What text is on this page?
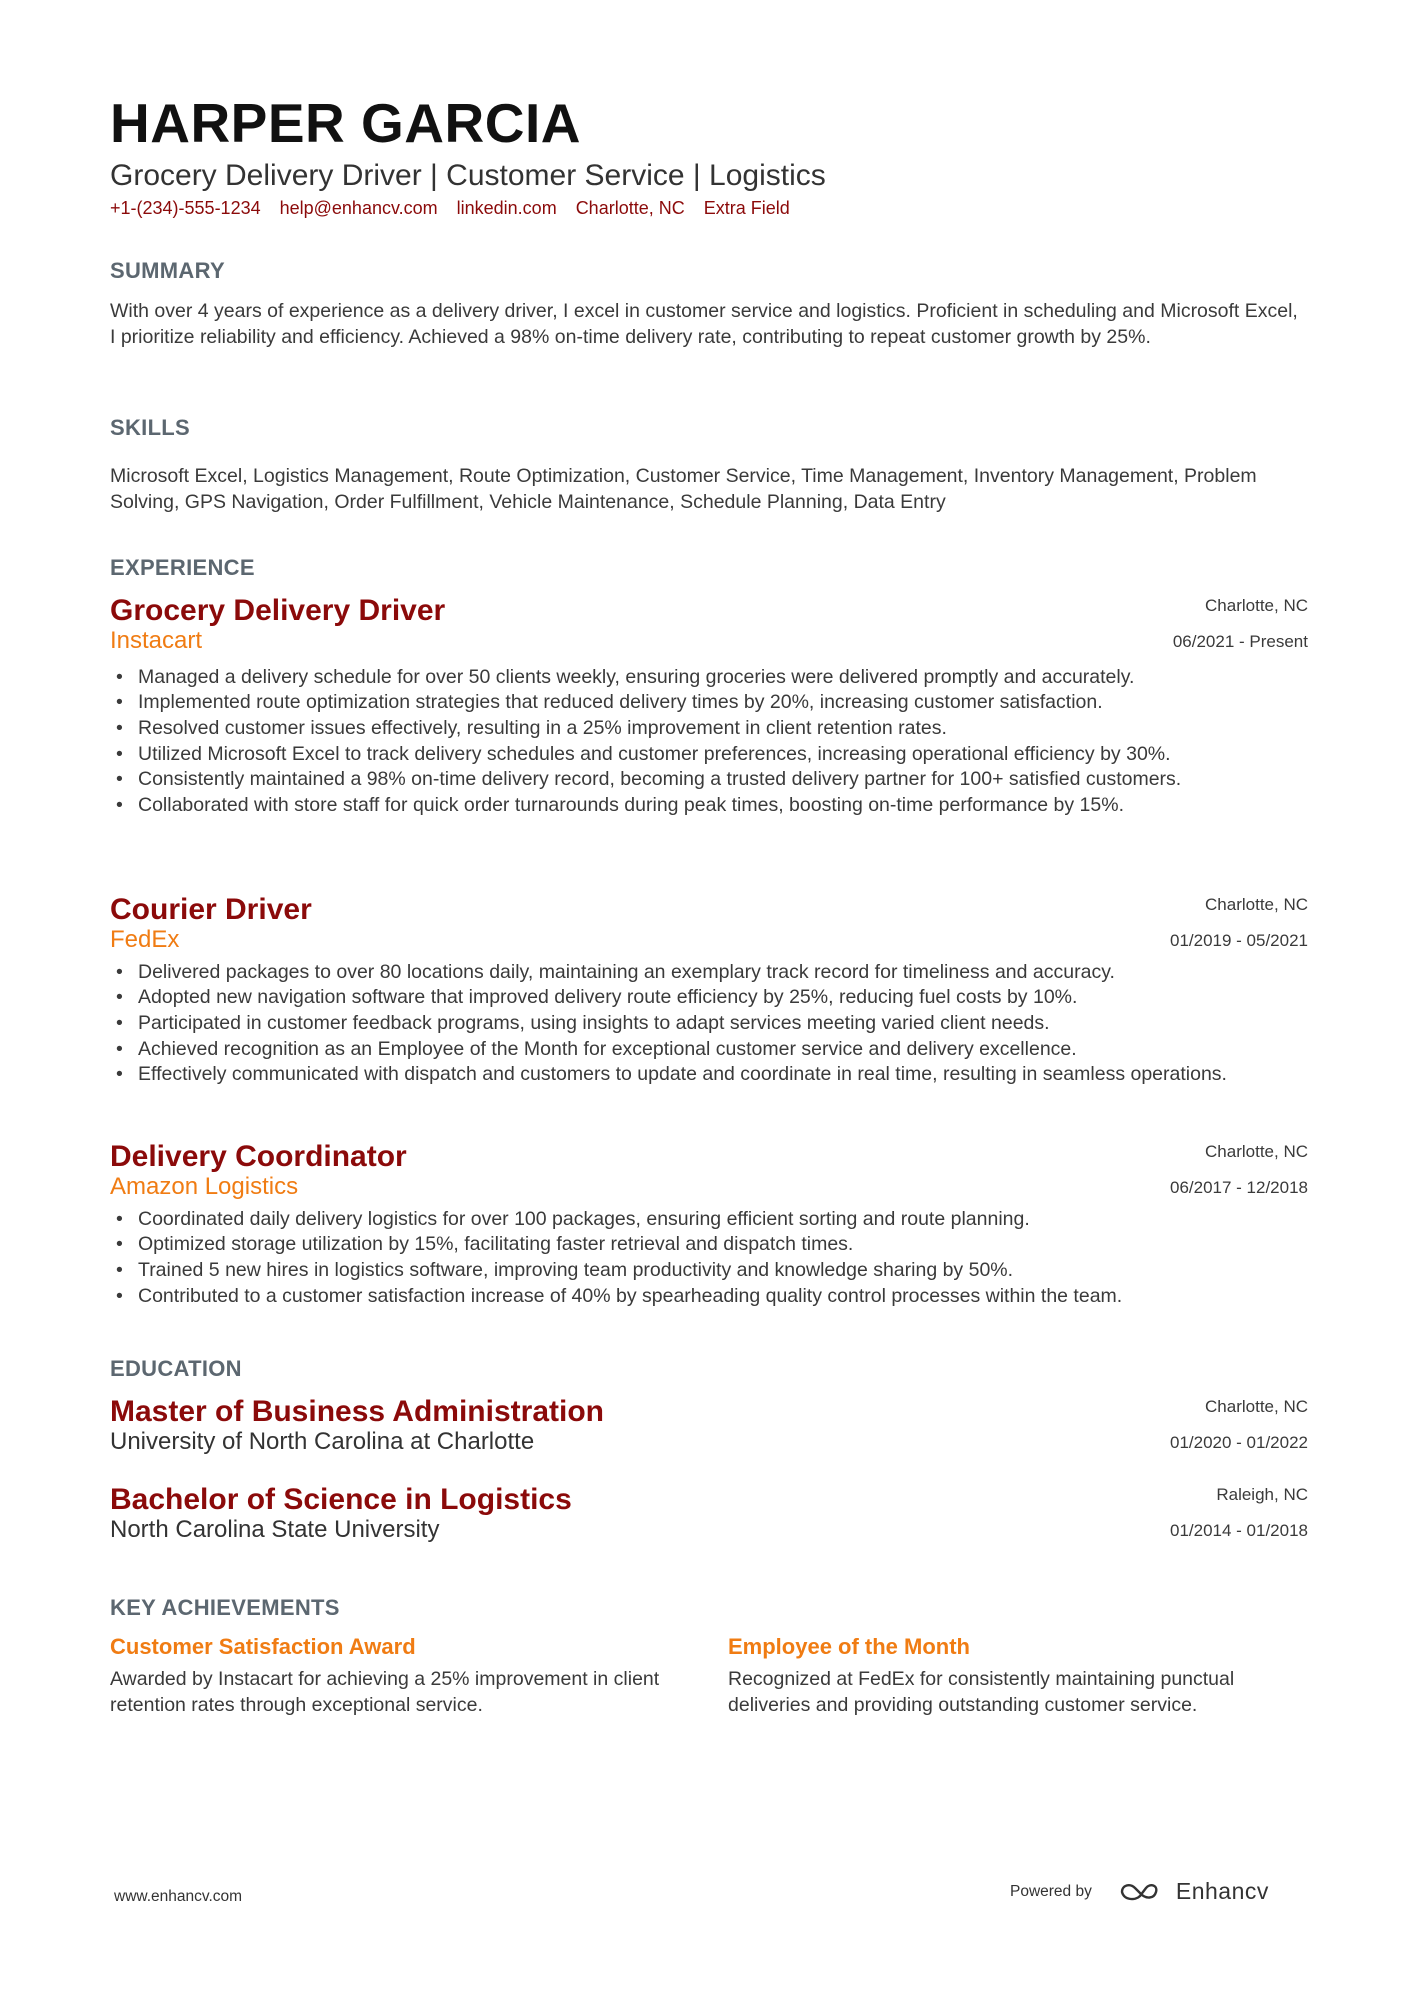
HARPER GARCIA
Grocery Delivery Driver | Customer Service | Logistics
+1-(234)-555-1234 help@enhancv.com linkedin.com Charlotte, NC Extra Field
SUMMARY

With over 4 years of experience as a delivery driver, I excel in customer service and logistics. Proficient in scheduling and Microsoft Excel, I prioritize reliability and efficiency. Achieved a 98% on-time delivery rate, contributing to repeat customer growth by 25%.

SKILLS

Microsoft Excel, Logistics Management, Route Optimization, Customer Service, Time Management, Inventory Management, Problem Solving, GPS Navigation, Order Fulfillment, Vehicle Maintenance, Schedule Planning, Data Entry

EXPERIENCE
Charlotte, NC
06/2021 - Present
Grocery Delivery Driver
Instacart
• Managed a delivery schedule for over 50 clients weekly, ensuring groceries were delivered promptly and accurately.
• Implemented route optimization strategies that reduced delivery times by 20%, increasing customer satisfaction.
• Resolved customer issues effectively, resulting in a 25% improvement in client retention rates.
• Utilized Microsoft Excel to track delivery schedules and customer preferences, increasing operational efficiency by 30%.
• Consistently maintained a 98% on-time delivery record, becoming a trusted delivery partner for 100+ satisfied customers.
• Collaborated with store staff for quick order turnarounds during peak times, boosting on-time performance by 15%.
Charlotte, NC
01/2019 - 05/2021
Courier Driver
FedEx
• Delivered packages to over 80 locations daily, maintaining an exemplary track record for timeliness and accuracy.
• Adopted new navigation software that improved delivery route efficiency by 25%, reducing fuel costs by 10%.
• Participated in customer feedback programs, using insights to adapt services meeting varied client needs.
• Achieved recognition as an Employee of the Month for exceptional customer service and delivery excellence.
• Effectively communicated with dispatch and customers to update and coordinate in real time, resulting in seamless operations.
Charlotte, NC
06/2017 - 12/2018
Delivery Coordinator
Amazon Logistics
• Coordinated daily delivery logistics for over 100 packages, ensuring efficient sorting and route planning.
• Optimized storage utilization by 15%, facilitating faster retrieval and dispatch times.
• Trained 5 new hires in logistics software, improving team productivity and knowledge sharing by 50%.
• Contributed to a customer satisfaction increase of 40% by spearheading quality control processes within the team.
EDUCATION
Charlotte, NC
01/2020 - 01/2022
Master of Business Administration
University of North Carolina at Charlotte
Raleigh, NC
01/2014 - 01/2018
Bachelor of Science in Logistics
North Carolina State University
KEY ACHIEVEMENTS
Customer Satisfaction Award
Awarded by Instacart for achieving a 25% improvement in client retention rates through exceptional service.
Employee of the Month
Recognized at FedEx for consistently maintaining punctual deliveries and providing outstanding customer service.
www.enhancv.com	Powered by	Enhancv
